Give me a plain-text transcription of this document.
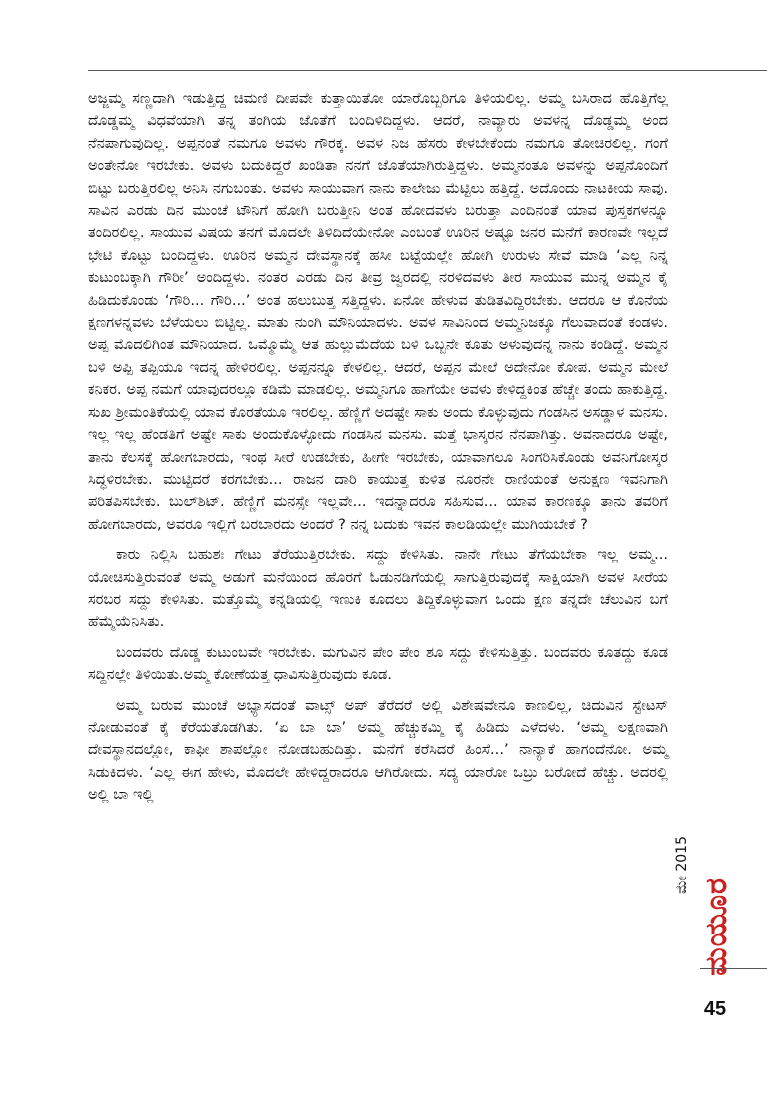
ಅಜ್ಜಮ್ಮ ಸಣ್ಣದಾಗಿ ಇಡುತ್ತಿದ್ದ ಚಿಮಣಿ ದೀಪವೇ ಕುತ್ತಾಯಿತೋ ಯಾರೊಬ್ಬರಿಗೂ ತಿಳಿಯಲಿಲ್ಲ. ಅಮ್ಮ ಬಸಿರಾದ ಹೊತ್ತಿಗೆಲ್ಲ ದೊಡ್ಡಮ್ಮ ವಿಧವೆಯಾಗಿ ತನ್ನ ತಂಗಿಯ ಜೊತೆಗೆ ಬಂದಿಳಿದಿದ್ದಳು. ಆದರೆ, ನಾವ್ಯಾರು ಅವಳನ್ನ ದೊಡ್ಡಮ್ಮ ಅಂದ ನೆನಪಾಗುವುದಿಲ್ಲ. ಅಪ್ಪನಂತೆ ನಮಗೂ ಅವಳು ಗೌರಕ್ಕ. ಅವಳ ನಿಜ ಹೆಸರು ಕೇಳಬೇಕೆಂದು ನಮಗೂ ತೋಚಿರಲಿಲ್ಲ. ಗಂಗೆ ಅಂತೇನೋ ಇರಬೇಕು. ಅವಳು ಬದುಕಿದ್ದರೆ ಖಂಡಿತಾ ನನಗೆ ಜೊತೆಯಾಗಿರುತ್ತಿದ್ದಳು. ಅಮ್ಮನಂತೂ ಅವಳನ್ನು ಅಪ್ಪನೊಂದಿಗೆ ಬಿಟ್ಟು ಬರುತ್ತಿರಲಿಲ್ಲ ಅನಿಸಿ ನಗುಬಂತು. ಅವಳು ಸಾಯುವಾಗ ನಾನು ಕಾಲೇಜು ಮೆಟ್ಟಿಲು ಹತ್ತಿದ್ದೆ. ಅದೊಂದು ನಾಟಕೀಯ ಸಾವು. ಸಾವಿನ ಎರಡು ದಿನ ಮುಂಚೆ ಟೌನಿಗೆ ಹೋಗಿ ಬರುತ್ತೀನಿ ಅಂತ ಹೋದವಳು ಬರುತ್ತಾ ಎಂದಿನಂತೆ ಯಾವ ಪುಸ್ತಕಗಳನ್ನೂ ತಂದಿರಲಿಲ್ಲ. ಸಾಯುವ ವಿಷಯ ತನಗೆ ಮೊದಲೇ ತಿಳಿದಿದೆಯೇನೋ ಎಂಬಂತೆ ಊರಿನ ಅಷ್ಟೂ ಜನರ ಮನೆಗೆ ಕಾರಣವೇ ಇಲ್ಲದೆ ಭೇಟಿ ಕೊಟ್ಟು ಬಂದಿದ್ದಳು. ಊರಿನ ಅಮ್ಮನ ದೇವಸ್ಥಾನಕ್ಕೆ ಹಸೀ ಬಟ್ಟೆಯಲ್ಲೇ ಹೋಗಿ ಉರುಳು ಸೇವೆ ಮಾಡಿ ‘ಎಲ್ಲ ನಿನ್ನ ಕುಟುಂಬಕ್ಕಾಗಿ ಗೌರೀ’ ಅಂದಿದ್ದಳು. ನಂತರ ಎರಡು ದಿನ ತೀವ್ರ ಜ್ವರದಲ್ಲಿ ನರಳಿದವಳು ತೀರ ಸಾಯುವ ಮುನ್ನ ಅಮ್ಮನ ಕೈ ಹಿಡಿದುಕೊಂಡು ‘ಗೌರಿ... ಗೌರಿ...’ ಅಂತ ಹಲುಬುತ್ತ ಸತ್ತಿದ್ದಳು. ಏನೋ ಹೇಳುವ ತುಡಿತವಿದ್ದಿರಬೇಕು. ಆದರೂ ಆ ಕೊನೆಯ ಕ್ಷಣಗಳನ್ನವಳು ಬೆಳೆಯಲು ಬಿಟ್ಟಿಲ್ಲ. ಮಾತು ನುಂಗಿ ಮೌನಿಯಾದಳು. ಅವಳ ಸಾವಿನಿಂದ ಅಮ್ಮನಿಜಕ್ಕೂ ಗೆಲುವಾದಂತೆ ಕಂಡಳು. ಅಪ್ಪ ಮೊದಲಿಗಿಂತ ಮೌನಿಯಾದ. ಒಮ್ಮೊಮ್ಮೆ ಆತ ಹುಲ್ಲುಮೆದೆಯ ಬಳಿ ಒಬ್ಬನೇ ಕೂತು ಅಳುವುದನ್ನ ನಾನು ಕಂಡಿದ್ದೆ. ಅಮ್ಮನ ಬಳಿ ಅಪ್ಪಿ ತಪ್ಪಿಯೂ ಇದನ್ನ ಹೇಳಿರಲಿಲ್ಲ. ಅಪ್ಪನನ್ನೂ ಕೇಳಲಿಲ್ಲ. ಆದರೆ, ಅಪ್ಪನ ಮೇಲೆ ಅದೇನೋ ಕೋಪ. ಅಮ್ಮನ ಮೇಲೆ ಕನಿಕರ. ಅಪ್ಪ ನಮಗೆ ಯಾವುದರಲ್ಲೂ ಕಡಿಮೆ ಮಾಡಲಿಲ್ಲ. ಅಮ್ಮನಿಗೂ ಹಾಗೆಯೇ ಅವಳು ಕೇಳಿದ್ದಕಿಂತ ಹೆಚ್ಚೇ ತಂದು ಹಾಕುತ್ತಿದ್ದ. ಸುಖ ಶ್ರೀಮಂತಿಕೆಯಲ್ಲಿ ಯಾವ ಕೊರತೆಯೂ ಇರಲಿಲ್ಲ. ಹೆಣ್ಣಿಗೆ ಅದಷ್ಟೇ ಸಾಕು ಅಂದು ಕೊಳ್ಳುವುದು ಗಂಡಸಿನ ಅಸಡ್ಡಾಳ ಮನಸು. ಇಲ್ಲ ಇಲ್ಲ ಹೆಂಡತಿಗೆ ಅಷ್ಟೇ ಸಾಕು ಅಂದುಕೊಳ್ಳೋದು ಗಂಡಸಿನ ಮನಸು. ಮತ್ತೆ ಭಾಸ್ಕರನ ನೆನಪಾಗಿತ್ತು. ಅವನಾದರೂ ಅಷ್ಟೇ, ತಾನು ಕೆಲಸಕ್ಕೆ ಹೋಗಬಾರದು, ಇಂಥ ಸೀರೆ ಉಡಬೇಕು, ಹೀಗೇ ಇರಬೇಕು, ಯಾವಾಗಲೂ ಸಿಂಗರಿಸಿಕೊಂಡು ಅವನಿಗೋಸ್ಕರ ಸಿದ್ಧಳಿರಬೇಕು. ಮುಟ್ಟಿದರೆ ಕರಗಬೇಕು... ರಾಜನ ದಾರಿ ಕಾಯುತ್ತ ಕುಳಿತ ನೂರನೇ ರಾಣಿಯಂತೆ ಅನುಕ್ಷಣ ಇವನಿಗಾಗಿ ಪರಿತಪಿಸಬೇಕು. ಬುಲ್‌ಶಿಟ್. ಹೆಣ್ಣಿಗೆ ಮನಸ್ಸೇ ಇಲ್ಲವೇ... ಇದನ್ನಾದರೂ ಸಹಿಸುವ... ಯಾವ ಕಾರಣಕ್ಕೂ ತಾನು ತವರಿಗೆ ಹೋಗಬಾರದು, ಅವರೂ ಇಲ್ಲಿಗೆ ಬರಬಾರದು ಅಂದರೆ ? ನನ್ನ ಬದುಕು ಇವನ ಕಾಲಡಿಯಲ್ಲೇ ಮುಗಿಯಬೇಕೆ ?

ಕಾರು ನಿಲ್ಲಿಸಿ ಬಹುಶಃ ಗೇಟು ತೆರೆಯುತ್ತಿರಬೇಕು. ಸದ್ದು ಕೇಳಿಸಿತು. ನಾನೇ ಗೇಟು ತೆಗೆಯಬೇಕಾ ಇಲ್ಲ ಅಮ್ಮ... ಯೋಚಿಸುತ್ತಿರುವಂತೆ ಅಮ್ಮ ಅಡುಗೆ ಮನೆಯಿಂದ ಹೊರಗೆ ಓಡುನಡಿಗೆಯಲ್ಲಿ ಸಾಗುತ್ತಿರುವುದಕ್ಕೆ ಸಾಕ್ಷಿಯಾಗಿ ಅವಳ ಸೀರೆಯ ಸರಬರ ಸದ್ದು ಕೇಳಿಸಿತು. ಮತ್ತೊಮ್ಮೆ ಕನ್ನಡಿಯಲ್ಲಿ ಇಣುಕಿ ಕೂದಲು ತಿದ್ದಿಕೊಳ್ಳುವಾಗ ಒಂದು ಕ್ಷಣ ತನ್ನದೇ ಚೆಲುವಿನ ಬಗೆ ಹೆಮ್ಮೆಯೆನಿಸಿತು.

ಬಂದವರು ದೊಡ್ಡ ಕುಟುಂಬವೇ ಇರಬೇಕು. ಮಗುವಿನ ಪೇಂ ಪೇಂ ಶೂ ಸದ್ದು ಕೇಳಿಸುತ್ತಿತ್ತು. ಬಂದವರು ಕೂತದ್ದು ಕೂಡ ಸದ್ದಿನಲ್ಲೇ ತಿಳಿಯಿತು.ಅಮ್ಮ ಕೋಣೆಯತ್ತ ಧಾವಿಸುತ್ತಿರುವುದು ಕೂಡ.

ಅಮ್ಮ ಬರುವ ಮುಂಚೆ ಅಭ್ಯಾಸದಂತೆ ವಾಟ್ಸ್ ಅಪ್ ತೆರೆದರೆ ಅಲ್ಲಿ ವಿಶೇಷವೇನೂ ಕಾಣಲಿಲ್ಲ, ಚಿದುವಿನ ಸ್ಟೇಟಸ್ ನೋಡುವಂತೆ ಕೈ ಕೆರೆಯತೊಡಗಿತು. ‘ಏ ಬಾ ಬಾ’ ಅಮ್ಮ ಹೆಚ್ಚುಕಮ್ಮಿ ಕೈ ಹಿಡಿದು ಎಳೆದಳು. ‘ಅಮ್ಮ ಲಕ್ಷಣವಾಗಿ ದೇವಸ್ಥಾನದಲ್ಲೋ, ಕಾಫೀ ಶಾಪಲ್ಲೋ ನೋಡಬಹುದಿತ್ತು. ಮನೆಗೆ ಕರೆಸಿದರೆ ಹಿಂಸೆ...’ ನಾನ್ಯಾಕೆ ಹಾಗಂದೆನೋ. ಅಮ್ಮ ಸಿಡುಕಿದಳು. ‘ಎಲ್ಲ ಈಗ ಹೇಳು, ಮೊದಲೇ ಹೇಳಿದ್ದರಾದರೂ ಆಗಿರೋದು. ಸದ್ಯ ಯಾರೋ ಒಬ್ರು ಬರೋದೆ ಹೆಚ್ಚು. ಅದರಲ್ಲಿ ಅಲ್ಲಿ ಬಾ ಇಲ್ಲಿ

ಮೇ 2015
ಮಯೂರ
45
